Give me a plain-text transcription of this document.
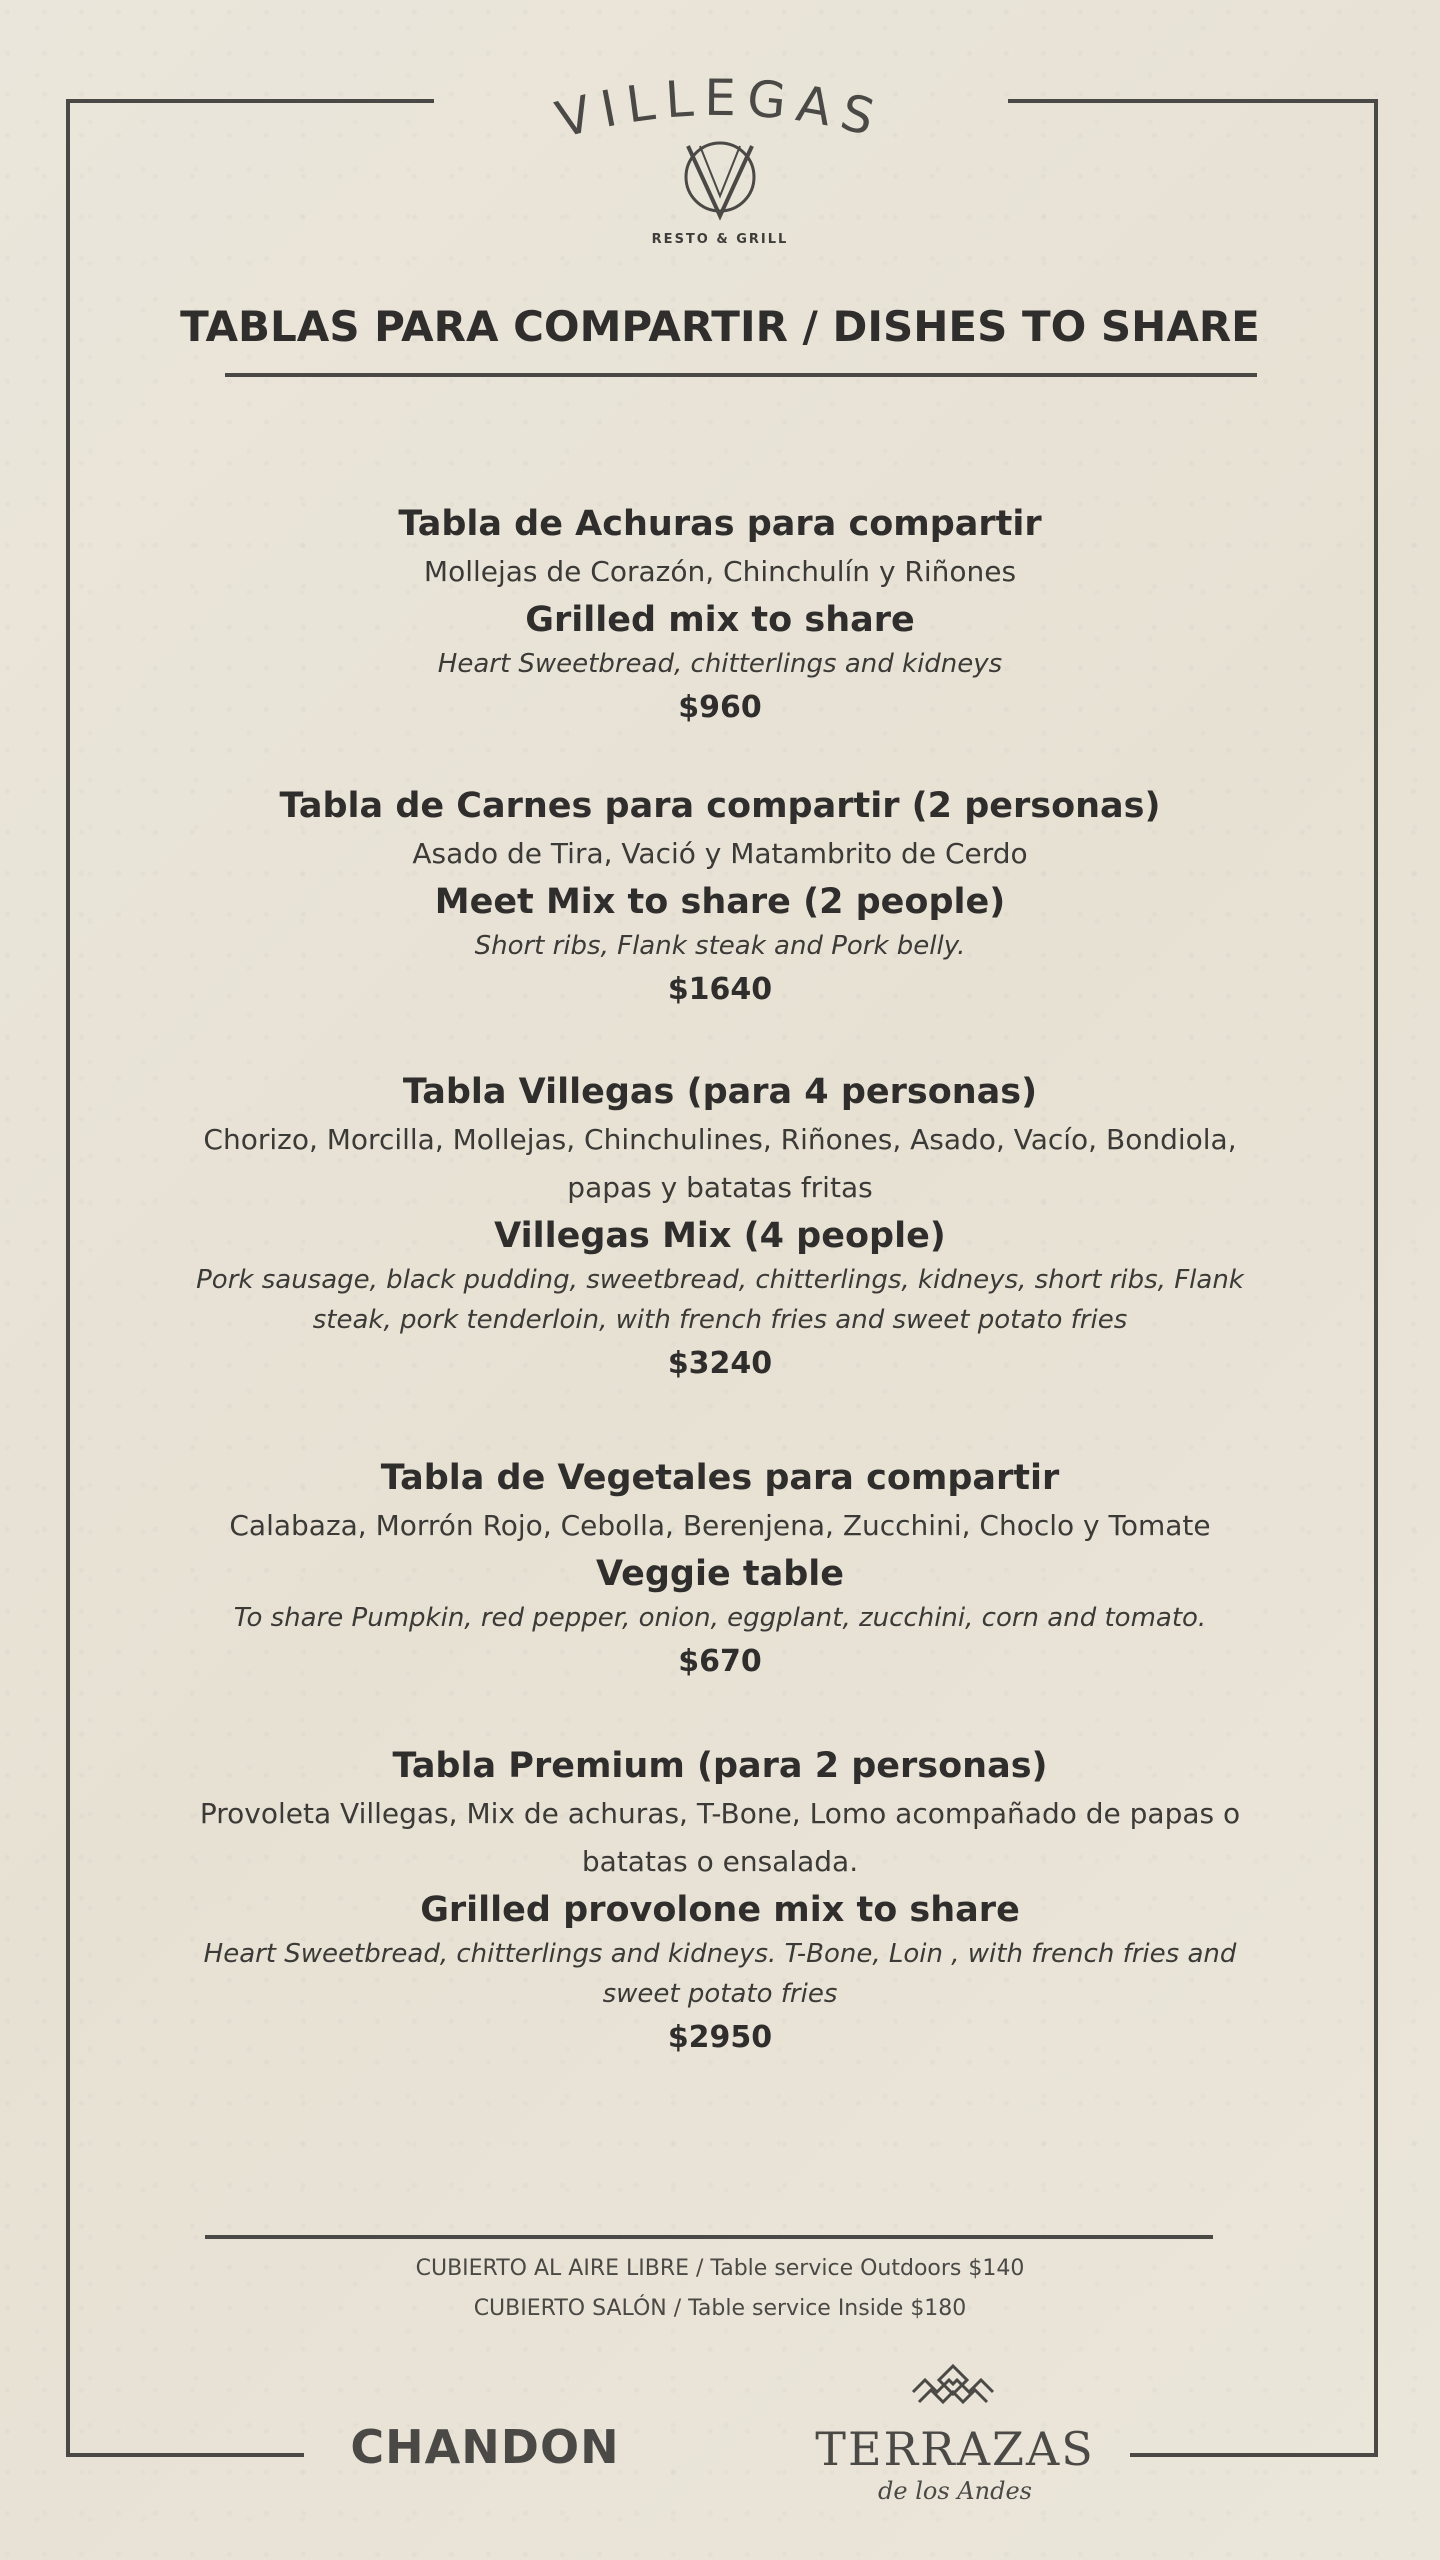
VILLEGAS
RESTO & GRILL
TABLAS PARA COMPARTIR / DISHES TO SHARE

Tabla de Achuras para compartir

Mollejas de Corazón, Chinchulín y Riñones

Grilled mix to share

Heart Sweetbread, chitterlings and kidneys

$960

Tabla de Carnes para compartir (2 personas)

Asado de Tira, Vació y Matambrito de Cerdo

Meet Mix to share (2 people)

Short ribs, Flank steak and Pork belly.

$1640

Tabla Villegas (para 4 personas)

Chorizo, Morcilla, Mollejas, Chinchulines, Riñones, Asado, Vacío, Bondiola, papas y batatas fritas

Villegas Mix (4 people)

Pork sausage, black pudding, sweetbread, chitterlings, kidneys, short ribs, Flank steak, pork tenderloin, with french fries and sweet potato fries

$3240

Tabla de Vegetales para compartir

Calabaza, Morrón Rojo, Cebolla, Berenjena, Zucchini, Choclo y Tomate

Veggie table

To share Pumpkin, red pepper, onion, eggplant, zucchini, corn and tomato.

$670

Tabla Premium (para 2 personas)

Provoleta Villegas, Mix de achuras, T-Bone, Lomo acompañado de papas o batatas o ensalada.

Grilled provolone mix to share

Heart Sweetbread, chitterlings and kidneys. T-Bone, Loin , with french fries and sweet potato fries

$2950

CUBIERTO AL AIRE LIBRE / Table service Outdoors $140
CUBIERTO SALÓN / Table service Inside $180
CHANDON	TERRAZAS
de los Andes
